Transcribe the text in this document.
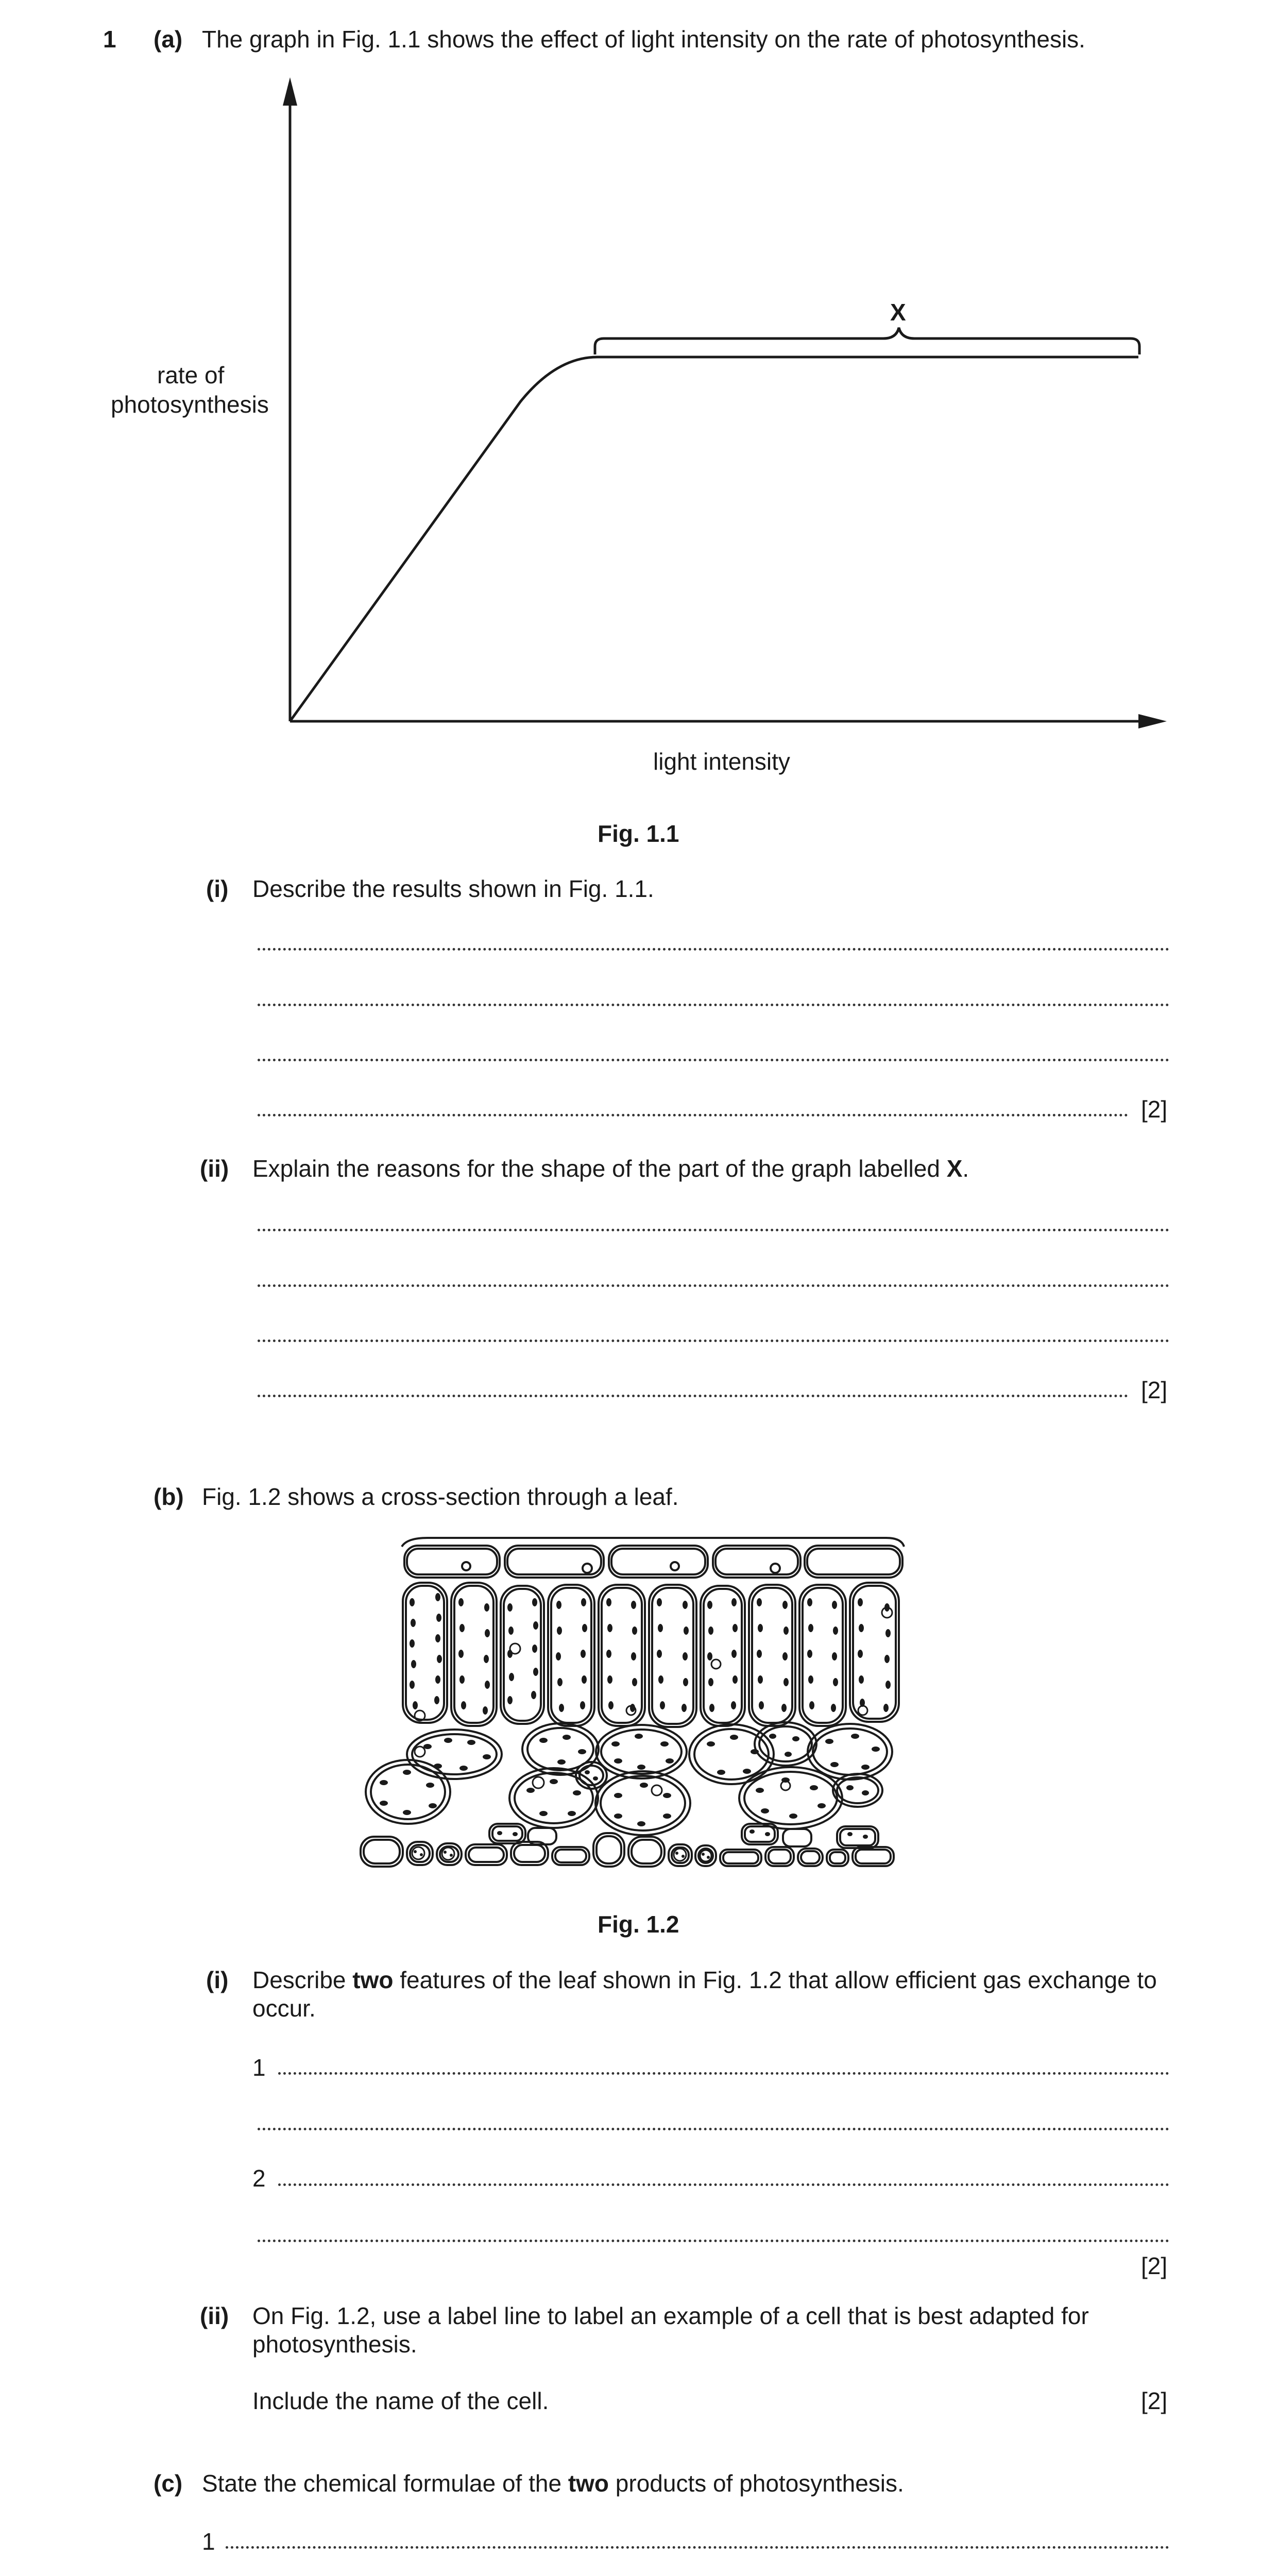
1 (a) The graph in Fig. 1.1 shows the effect of light intensity on the rate of photosynthesis.
X
rate of
photosynthesis
light intensity
Fig. 1.1
(i) Describe the results shown in Fig. 1.1.
[2]
(ii) Explain the reasons for the shape of the part of the graph labelled X.
[2]
(b) Fig. 1.2 shows a cross-section through a leaf.
Fig. 1.2
(i) Describe two features of the leaf shown in Fig. 1.2 that allow efficient gas exchange to
occur.
1
2
[2]
(ii) On Fig. 1.2, use a label line to label an example of a cell that is best adapted for
photosynthesis.
Include the name of the cell.	[2]
(c) State the chemical formulae of the two products of photosynthesis.
1
